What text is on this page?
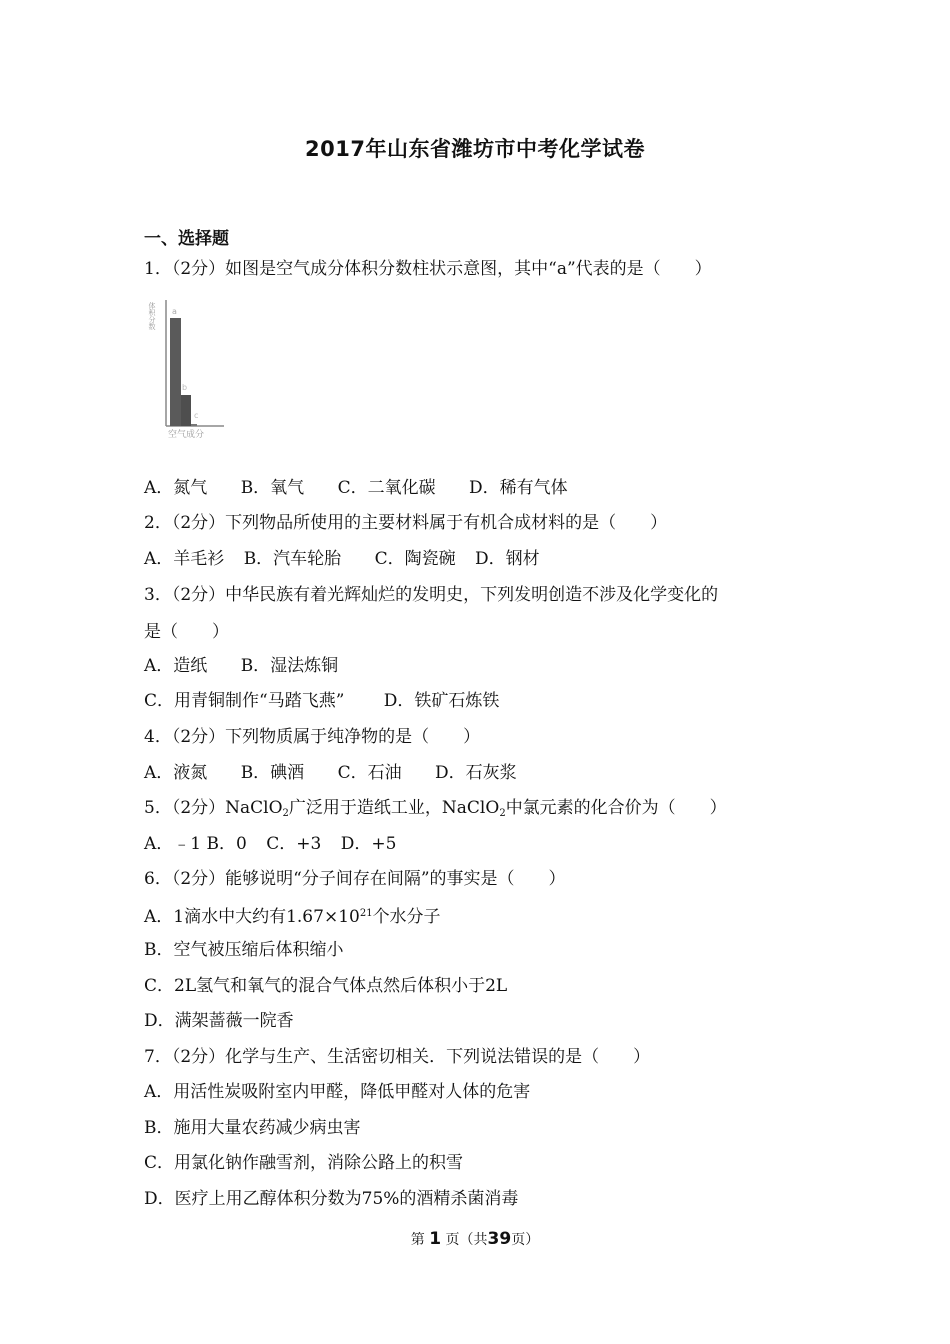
2017年山东省潍坊市中考化学试卷
一、选择题
1．（2分）如图是空气成分体积分数柱状示意图，其中“a”代表的是（　　）
体积分数 a
b
c
空气成分
A．氮气 B．氧气 C．二氧化碳 D．稀有气体
2．（2分）下列物品所使用的主要材料属于有机合成材料的是（　　）
A．羊毛衫 B．汽车轮胎 C．陶瓷碗 D．钢材
3．（2分）中华民族有着光辉灿烂的发明史，下列发明创造不涉及化学变化的
是（　　）
A．造纸 B．湿法炼铜
C．用青铜制作“马踏飞燕” D．铁矿石炼铁
4．（2分）下列物质属于纯净物的是（　　）
A．液氮 B．碘酒 C．石油 D．石灰浆
5．（2分）NaClO$_2$广泛用于造纸工业，NaClO$_2$中氯元素的化合价为（　　）
A．﹣1 B．0 C．+3 D．+5
6．（2分）能够说明“分子间存在间隔”的事实是（　　）
A．1滴水中大约有$1.67\times 10^{21}$个水分子
B．空气被压缩后体积缩小
C．2L氢气和氧气的混合气体点然后体积小于2L
D．满架蔷薇一院香
7．（2分）化学与生产、生活密切相关．下列说法错误的是（　　）
A．用活性炭吸附室内甲醛，降低甲醛对人体的危害
B．施用大量农药减少病虫害
C．用氯化钠作融雪剂，消除公路上的积雪
D．医疗上用乙醇体积分数为75%的酒精杀菌消毒
第 1 页（共39页）
